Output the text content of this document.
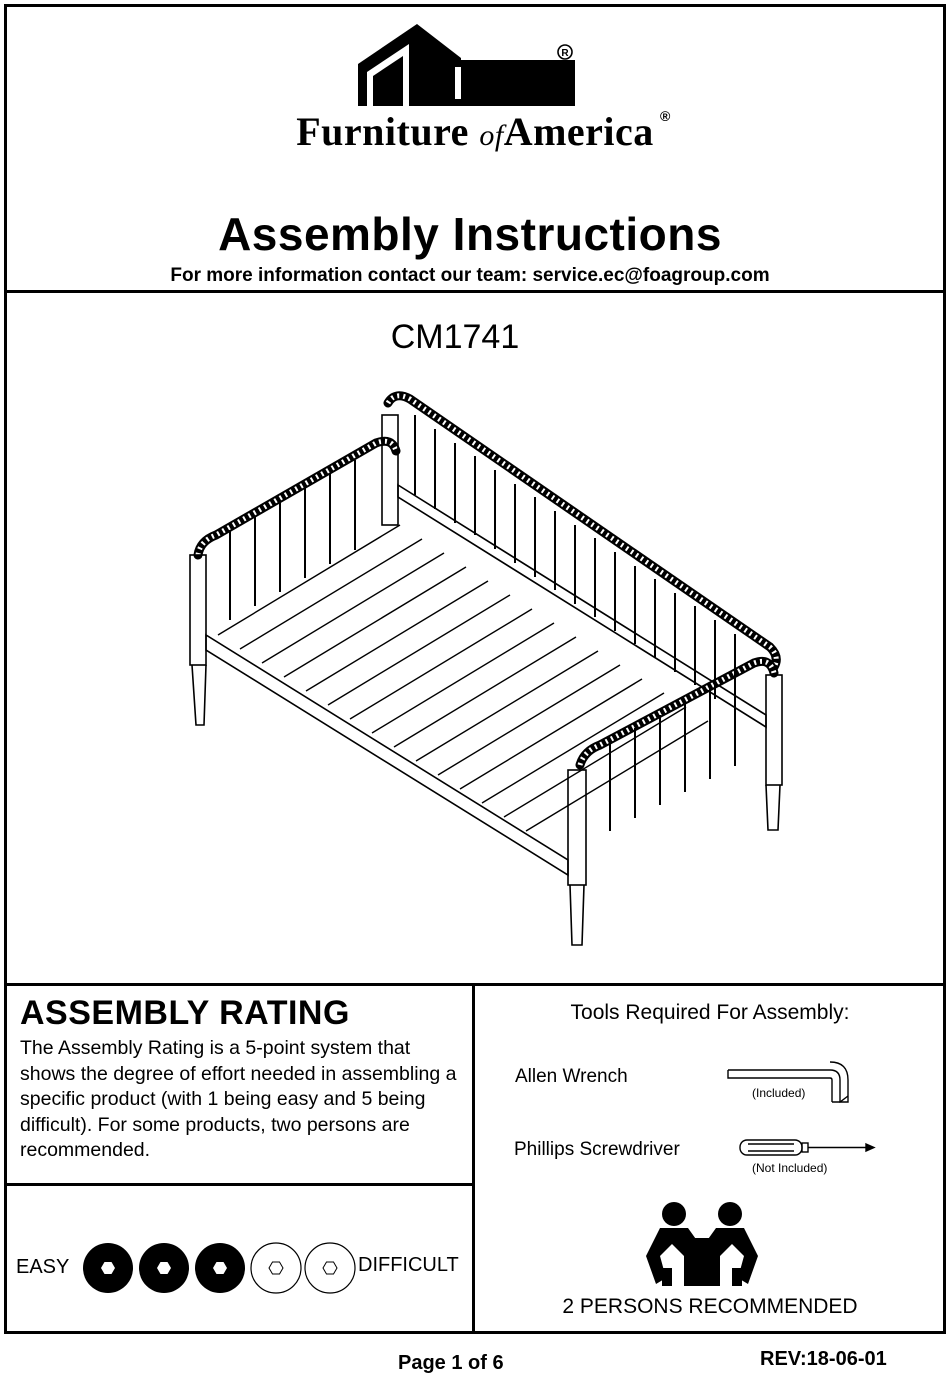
R
Furniture ofAmerica ®
Assembly Instructions
For more information contact our team: service.ec@foagroup.com
CM1741
ASSEMBLY RATING
The Assembly Rating is a 5-point system that shows the degree of effort needed in assembling a specific product (with 1 being easy and 5 being difficult). For some products, two persons are recommended.
EASY	DIFFICULT
Tools Required For Assembly:
Allen Wrench
(Included)
Phillips Screwdriver
(Not Included)
2 PERSONS RECOMMENDED
Page 1 of 6	REV:18-06-01
